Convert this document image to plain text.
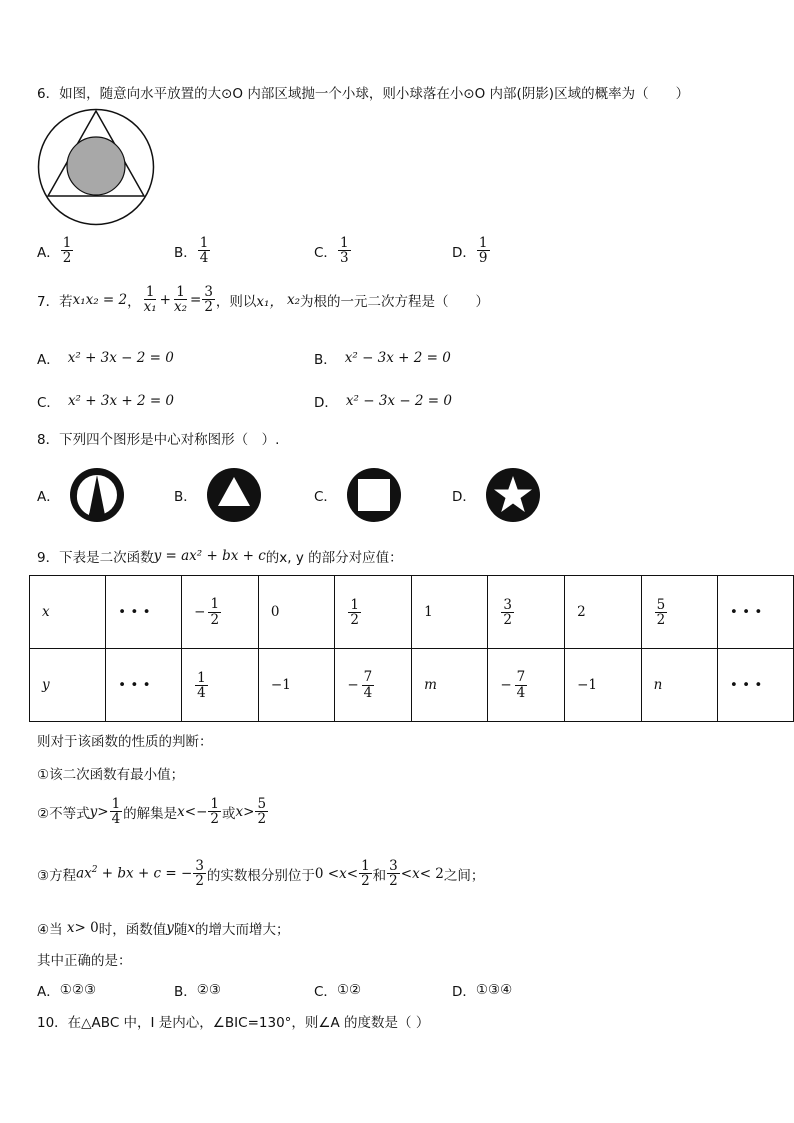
6．如图，随意向水平放置的大⊙O 内部区域抛一个小球，则小球落在小⊙O 内部(阴影)区域的概率为（　　）
A． $\frac{1}{2}$	B． $\frac{1}{4}$	C． $\frac{1}{3}$	D． $\frac{1}{9}$
7．若 x₁x₂ = 2 ， $\frac{1}{\text{x₁}} + \frac{1}{\text{x₂}} = \frac{3}{2}$ ，则以 x₁， x₂ 为根的一元二次方程是（　　）
A． x² + 3x − 2 = 0	B． x² − 3x + 2 = 0
C． x² + 3x + 2 = 0	D． x² − 3x − 2 = 0
8．下列四个图形是中心对称图形（　）.
A．	B．	C．	D．
9．下表是二次函数 y = ax² + bx + c 的x, y 的部分对应值：
x	• • •	− $\frac{1}{2}$	0	$\frac{1}{2}$	1	$\frac{3}{2}$	2	$\frac{5}{2}$	• • •
y	• • •	$\frac{1}{4}$	−1	− $\frac{7}{4}$	m	− $\frac{7}{4}$	−1	n	• • •
则对于该函数的性质的判断：
①该二次函数有最小值；
②不等式 $y > \frac{1}{4}$ 的解集是 $x <- \frac{1}{2}$ 或 $x > \frac{5}{2}$
③方程 $ax^2$ + bx + c = − $\frac{3}{2}$ 的实数根分别位于 $0 < x < \frac{1}{2}$ 和 $\frac{3}{2} < x < 2$ 之间；
④当 x > 0 时，函数值 y 随 x 的增大而增大；
其中正确的是：
A． ①②③	B． ②③	C． ①②	D． ①③④
10．在△ABC 中，I 是内心，∠BIC=130°，则∠A 的度数是（ ）
